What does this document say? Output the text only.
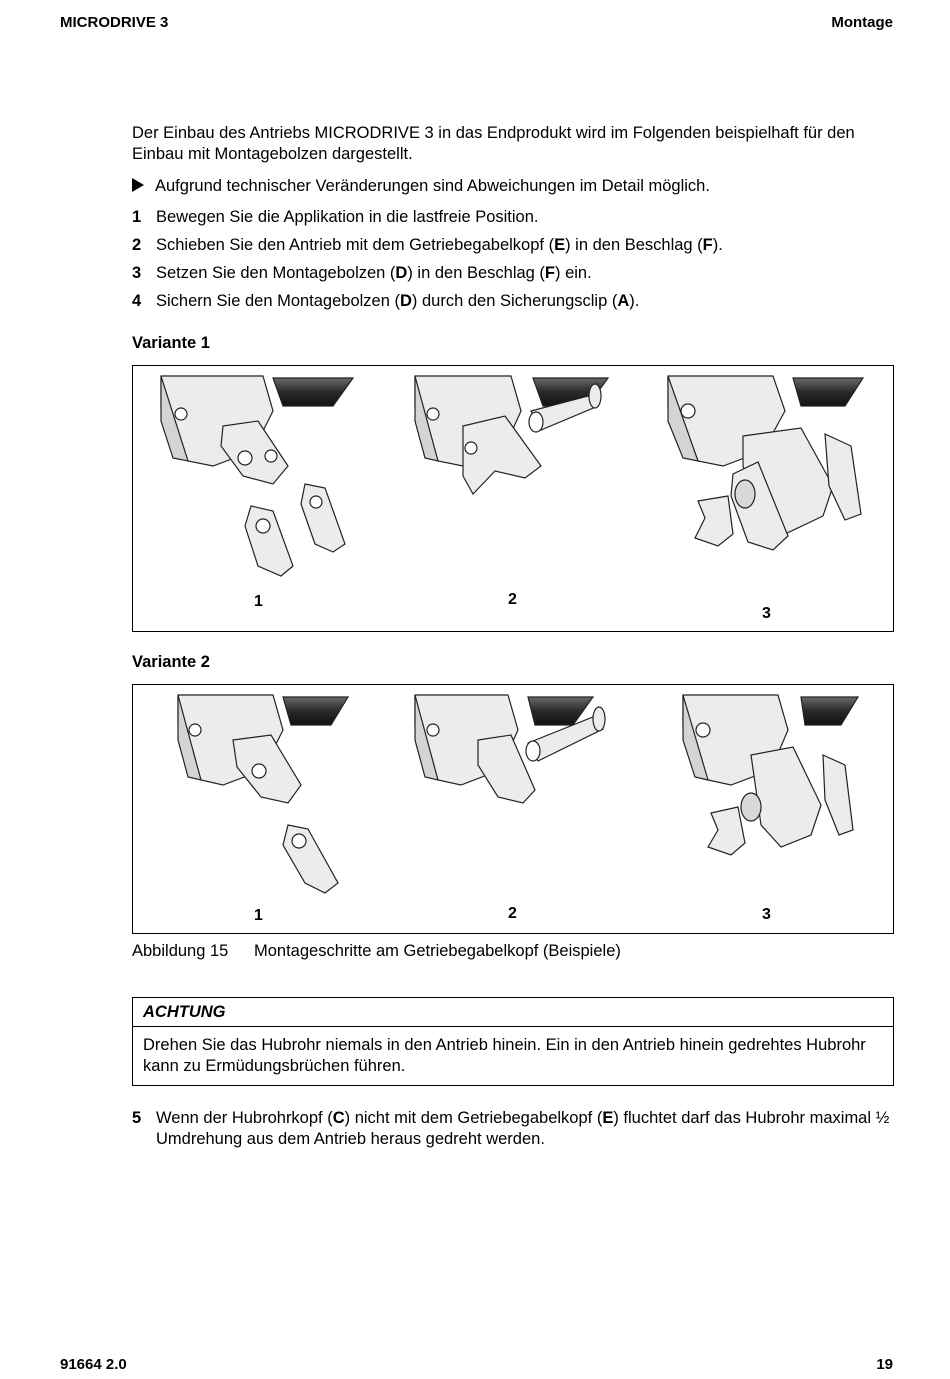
MICRODRIVE 3	Montage
Der Einbau des Antriebs MICRODRIVE 3 in das Endprodukt wird im Folgenden beispielhaft für den Einbau mit Montagebolzen dargestellt.
Aufgrund technischer Veränderungen sind Abweichungen im Detail möglich.
1 Bewegen Sie die Applikation in die lastfreie Position.
2 Schieben Sie den Antrieb mit dem Getriebegabelkopf (E) in den Beschlag (F).
3 Setzen Sie den Montagebolzen (D) in den Beschlag (F) ein.
4 Sichern Sie den Montagebolzen (D) durch den Sicherungsclip (A).
Variante 1
1	2
3
Variante 2
1	2	3
Abbildung 15 Montageschritte am Getriebegabelkopf (Beispiele)
ACHTUNG
Drehen Sie das Hubrohr niemals in den Antrieb hinein. Ein in den Antrieb hinein gedrehtes Hubrohr kann zu Ermüdungsbrüchen führen.
5 Wenn der Hubrohrkopf (C) nicht mit dem Getriebegabelkopf (E) fluchtet darf das Hubrohr maximal ½ Umdrehung aus dem Antrieb heraus gedreht werden.
91664 2.0	19
